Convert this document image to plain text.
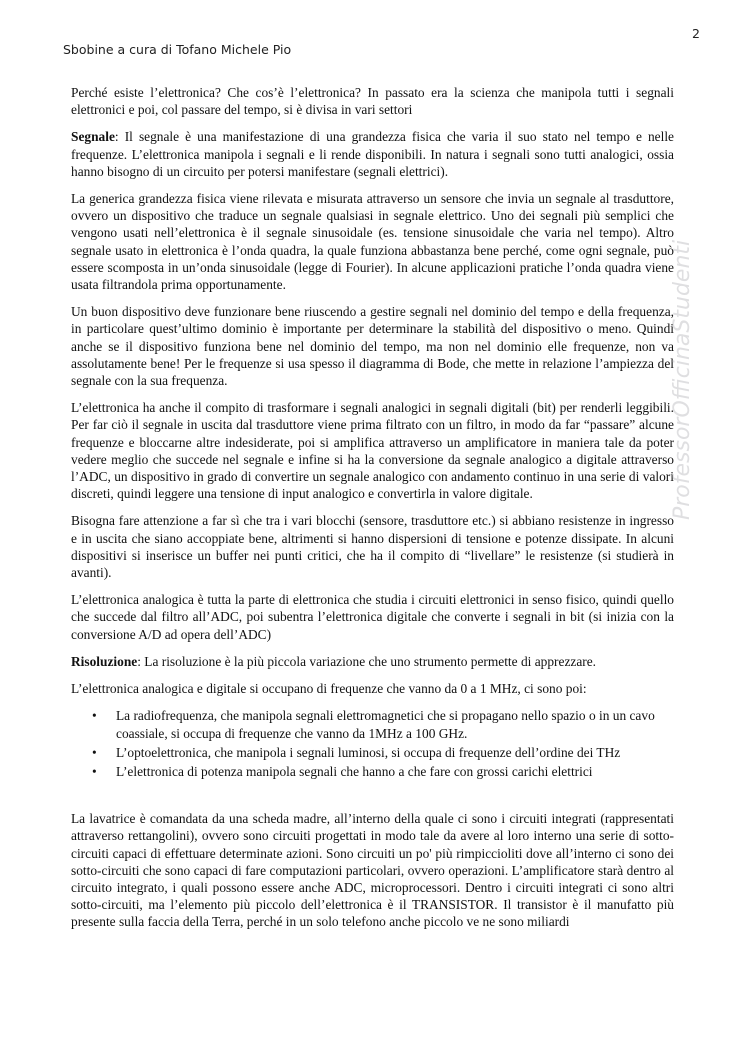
2
Sbobine a cura di Tofano Michele Pio

Perché esiste l’elettronica? Che cos’è l’elettronica? In passato era la scienza che manipola tutti i segnali elettronici e poi, col passare del tempo, si è divisa in vari settori

Segnale: Il segnale è una manifestazione di una grandezza fisica che varia il suo stato nel tempo e nelle frequenze. L’elettronica manipola i segnali e li rende disponibili. In natura i segnali sono tutti analogici, ossia hanno bisogno di un circuito per potersi manifestare (segnali elettrici).

La generica grandezza fisica viene rilevata e misurata attraverso un sensore che invia un segnale al trasduttore, ovvero un dispositivo che traduce un segnale qualsiasi in segnale elettrico. Uno dei segnali più semplici che vengono usati nell’elettronica è il segnale sinusoidale (es. tensione sinusoidale che varia nel tempo). Altro segnale usato in elettronica è l’onda quadra, la quale funziona abbastanza bene perché, come ogni segnale, può essere scomposta in un’onda sinusoidale (legge di Fourier). In alcune applicazioni pratiche l’onda quadra viene usata filtrandola prima opportunamente.

Un buon dispositivo deve funzionare bene riuscendo a gestire segnali nel dominio del tempo e della frequenza, in particolare quest’ultimo dominio è importante per determinare la stabilità del dispositivo o meno. Quindi anche se il dispositivo funziona bene nel dominio del tempo, ma non nel dominio elle frequenze, non va assolutamente bene! Per le frequenze si usa spesso il diagramma di Bode, che mette in relazione l’ampiezza del segnale con la sua frequenza.

L’elettronica ha anche il compito di trasformare i segnali analogici in segnali digitali (bit) per renderli leggibili. Per far ciò il segnale in uscita dal trasduttore viene prima filtrato con un filtro, in modo da far “passare” alcune frequenze e bloccarne altre indesiderate, poi si amplifica attraverso un amplificatore in maniera tale da poter vedere meglio che succede nel segnale e infine si ha la conversione da segnale analogico a digitale attraverso l’ADC, un dispositivo in grado di convertire un segnale analogico con andamento continuo in una serie di valori discreti, quindi leggere una tensione di input analogico e convertirla in valore digitale.

Bisogna fare attenzione a far sì che tra i vari blocchi (sensore, trasduttore etc.) si abbiano resistenze in ingresso e in uscita che siano accoppiate bene, altrimenti si hanno dispersioni di tensione e potenze dissipate. In alcuni dispositivi si inserisce un buffer nei punti critici, che ha il compito di “livellare” le resistenze (si studierà in avanti).

L’elettronica analogica è tutta la parte di elettronica che studia i circuiti elettronici in senso fisico, quindi quello che succede dal filtro all’ADC, poi subentra l’elettronica digitale che converte i segnali in bit (si inizia con la conversione A/D ad opera dell’ADC)

Risoluzione: La risoluzione è la più piccola variazione che uno strumento permette di apprezzare.

L’elettronica analogica e digitale si occupano di frequenze che vanno da 0 a 1 MHz, ci sono poi:

• La radiofrequenza, che manipola segnali elettromagnetici che si propagano nello spazio o in un cavo coassiale, si occupa di frequenze che vanno da 1MHz a 100 GHz.
• L’optoelettronica, che manipola i segnali luminosi, si occupa di frequenze dell’ordine dei THz
• L’elettronica di potenza manipola segnali che hanno a che fare con grossi carichi elettrici

La lavatrice è comandata da una scheda madre, all’interno della quale ci sono i circuiti integrati (rappresentati attraverso rettangolini), ovvero sono circuiti progettati in modo tale da avere al loro interno una serie di sotto-circuiti capaci di effettuare determinate azioni. Sono circuiti un po' più rimpiccioliti dove all’interno ci sono dei sotto-circuiti che sono capaci di fare computazioni particolari, ovvero operazioni. L’amplificatore starà dentro al circuito integrato, i quali possono essere anche ADC, microprocessori. Dentro i circuiti integrati ci sono altri sotto-circuiti, ma l’elemento più piccolo dell’elettronica è il TRANSISTOR. Il transistor è il manufatto più presente sulla faccia della Terra, perché in un solo telefono anche piccolo ve ne sono miliardi

ProfessorOfficinaStudenti
